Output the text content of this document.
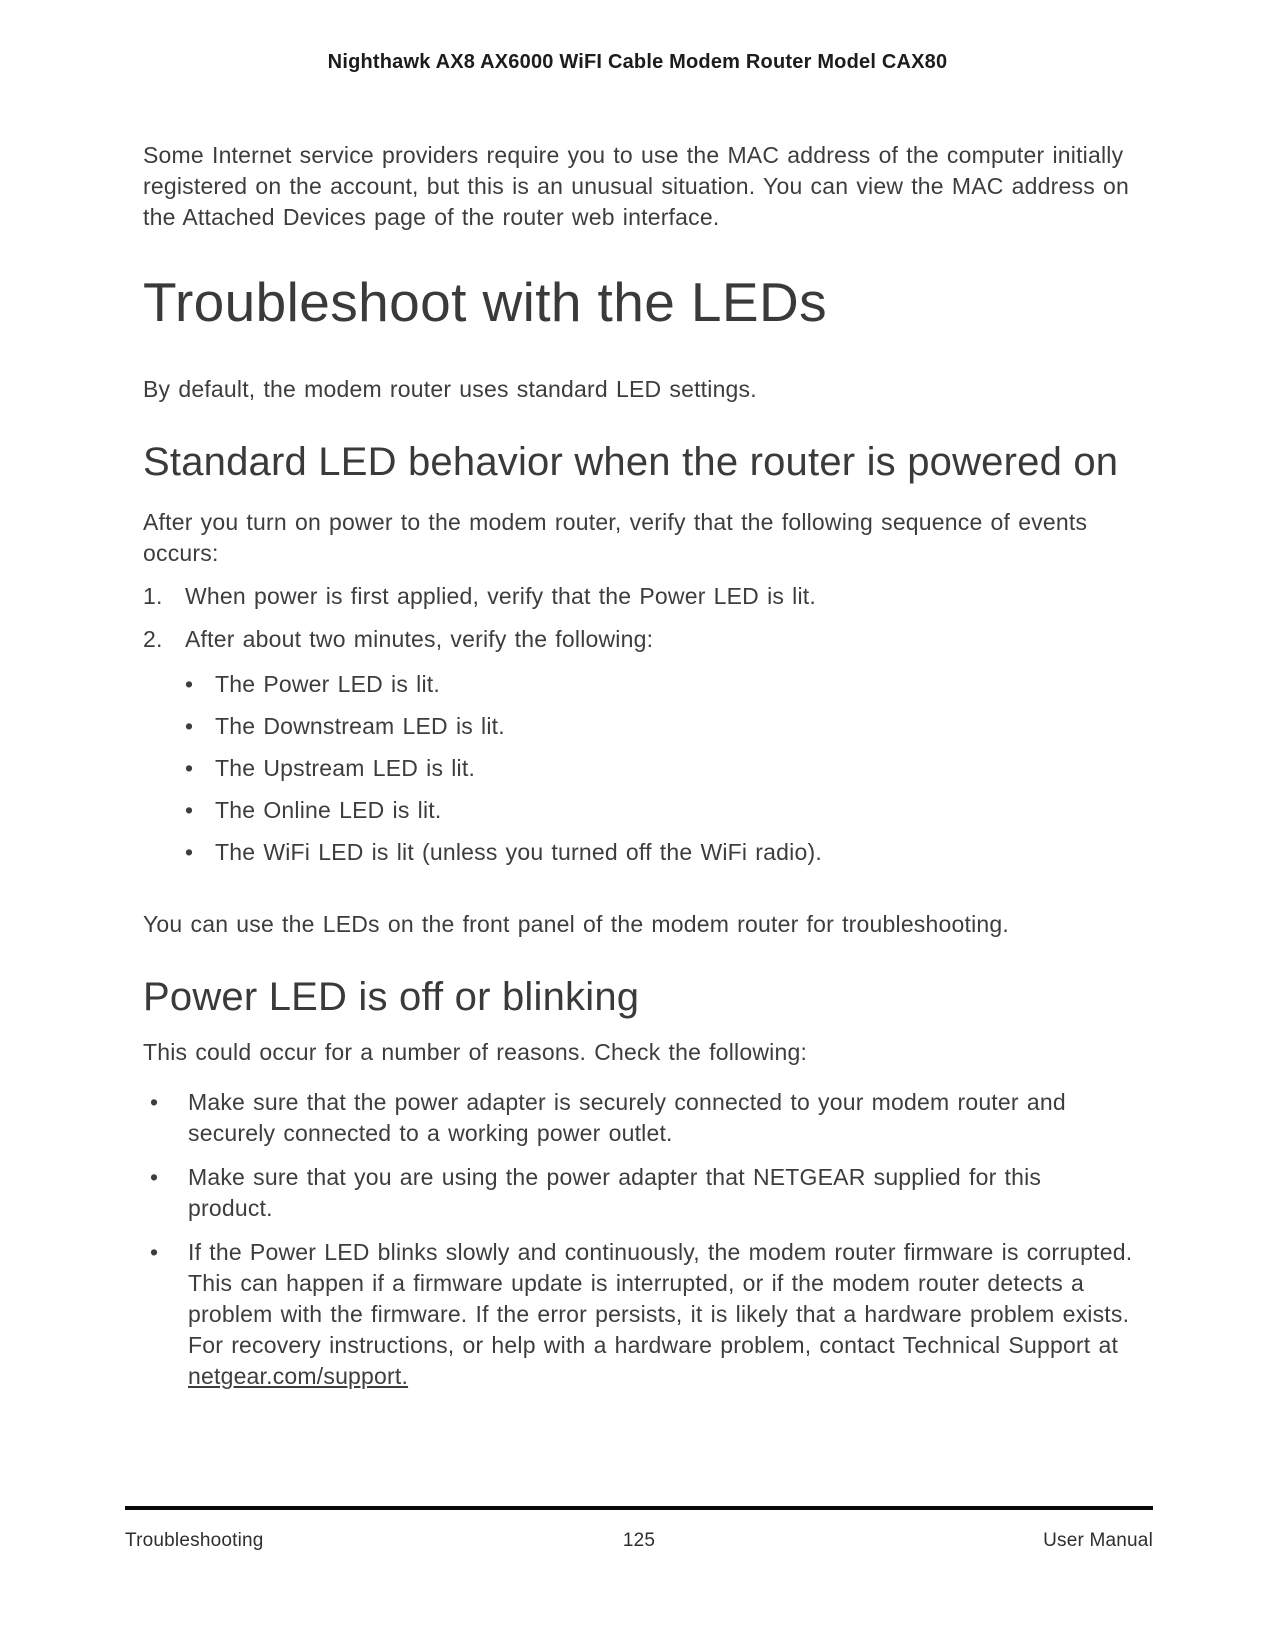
Nighthawk AX8 AX6000 WiFI Cable Modem Router Model CAX80

Some Internet service providers require you to use the MAC address of the computer initially registered on the account, but this is an unusual situation. You can view the MAC address on the Attached Devices page of the router web interface.

Troubleshoot with the LEDs

By default, the modem router uses standard LED settings.

Standard LED behavior when the router is powered on

After you turn on power to the modem router, verify that the following sequence of events occurs:

1. When power is first applied, verify that the Power LED is lit.
2. After about two minutes, verify the following:
• The Power LED is lit.
• The Downstream LED is lit.
• The Upstream LED is lit.
• The Online LED is lit.
• The WiFi LED is lit (unless you turned off the WiFi radio).

You can use the LEDs on the front panel of the modem router for troubleshooting.

Power LED is off or blinking

This could occur for a number of reasons. Check the following:

•	Make sure that the power adapter is securely connected to your modem router and securely connected to a working power outlet.
•	Make sure that you are using the power adapter that NETGEAR supplied for this product.
•	If the Power LED blinks slowly and continuously, the modem router firmware is corrupted. This can happen if a firmware update is interrupted, or if the modem router detects a problem with the firmware. If the error persists, it is likely that a hardware problem exists. For recovery instructions, or help with a hardware problem, contact Technical Support at netgear.com/support.
Troubleshooting	125	User Manual
